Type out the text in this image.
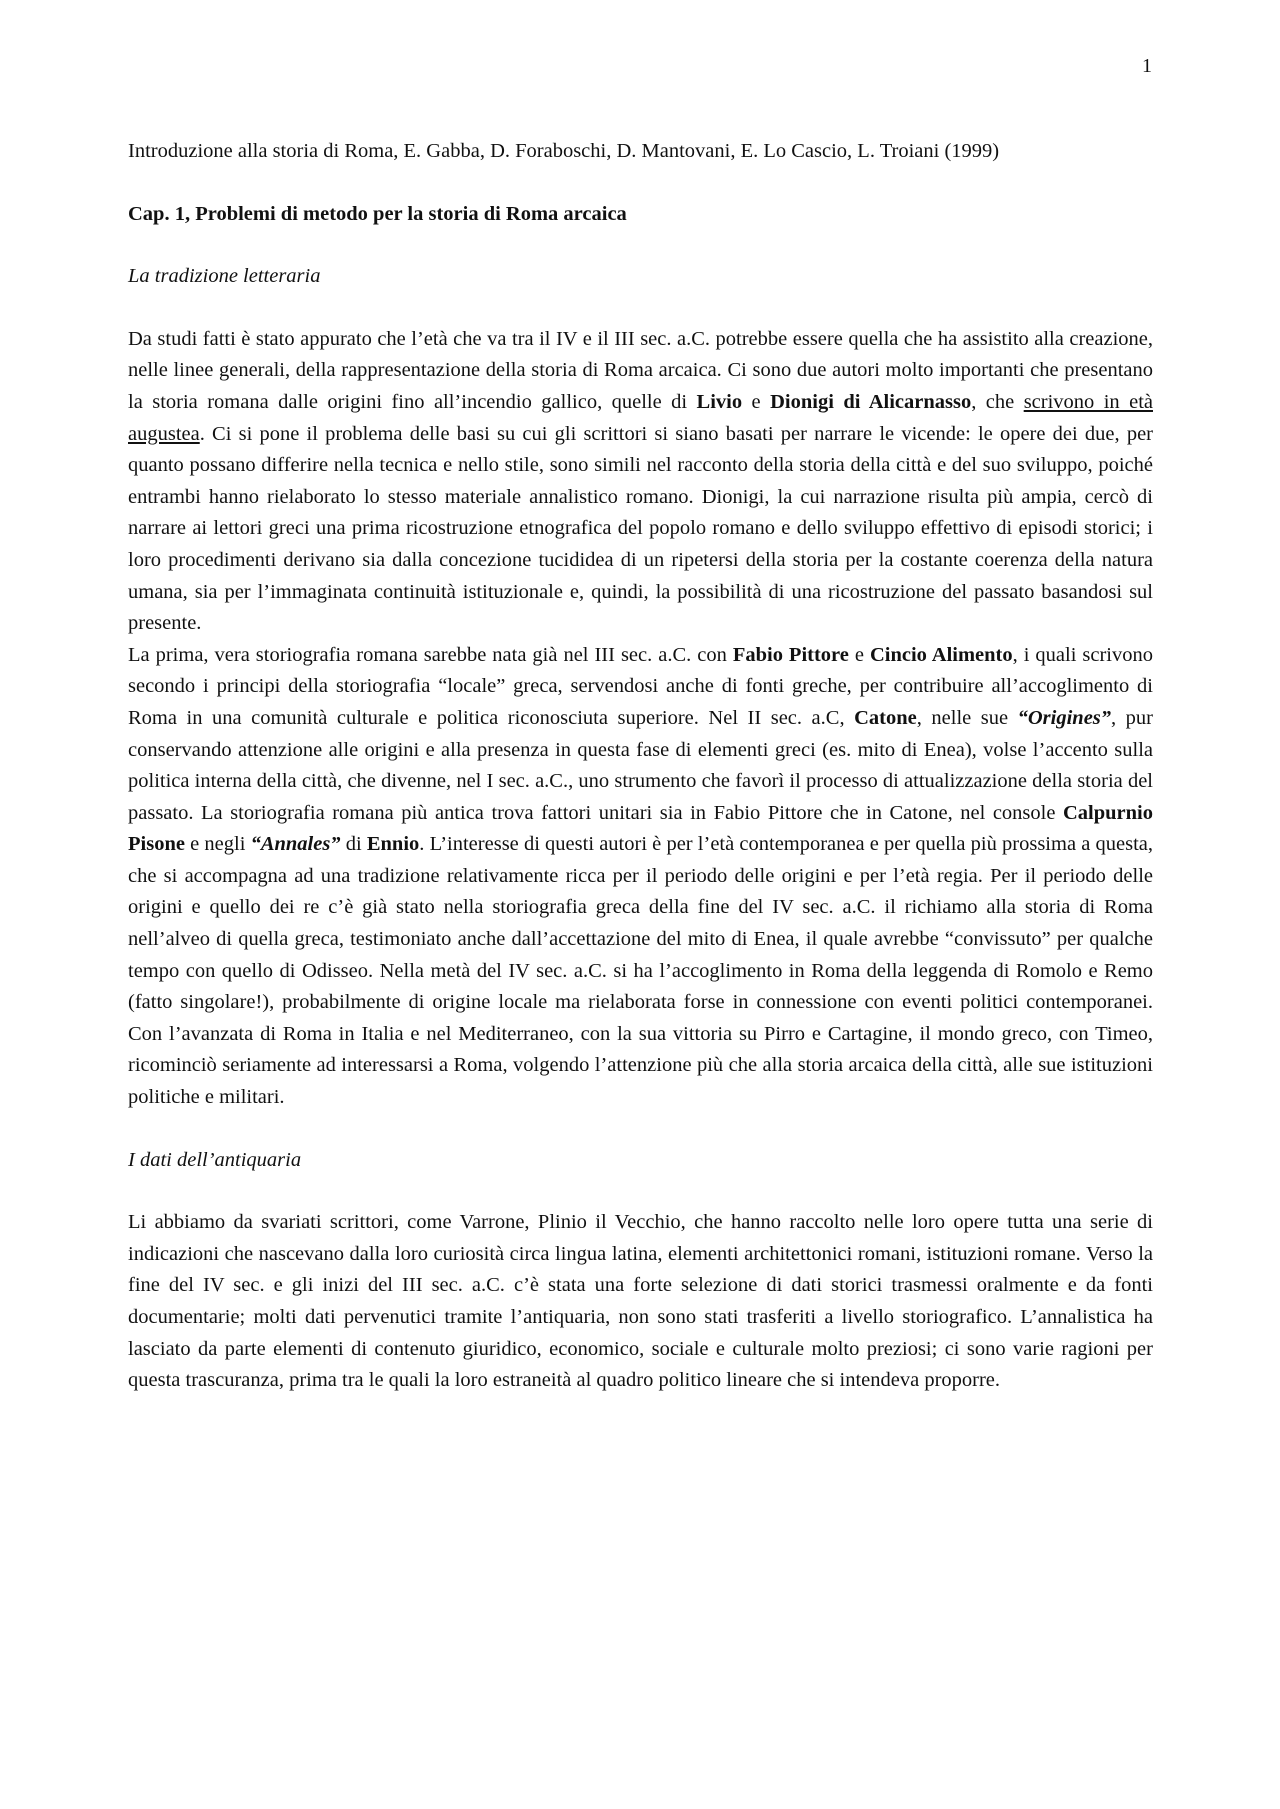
1

Introduzione alla storia di Roma, E. Gabba, D. Foraboschi, D. Mantovani, E. Lo Cascio, L. Troiani (1999)

Cap. 1, Problemi di metodo per la storia di Roma arcaica

La tradizione letteraria

Da studi fatti è stato appurato che l’età che va tra il IV e il III sec. a.C. potrebbe essere quella che ha assistito alla creazione, nelle linee generali, della rappresentazione della storia di Roma arcaica. Ci sono due autori molto importanti che presentano la storia romana dalle origini fino all’incendio gallico, quelle di Livio e Dionigi di Alicarnasso, che scrivono in età augustea. Ci si pone il problema delle basi su cui gli scrittori si siano basati per narrare le vicende: le opere dei due, per quanto possano differire nella tecnica e nello stile, sono simili nel racconto della storia della città e del suo sviluppo, poiché entrambi hanno rielaborato lo stesso materiale annalistico romano. Dionigi, la cui narrazione risulta più ampia, cercò di narrare ai lettori greci una prima ricostruzione etnografica del popolo romano e dello sviluppo effettivo di episodi storici; i loro procedimenti derivano sia dalla concezione tucididea di un ripetersi della storia per la costante coerenza della natura umana, sia per l’immaginata continuità istituzionale e, quindi, la possibilità di una ricostruzione del passato basandosi sul presente.

La prima, vera storiografia romana sarebbe nata già nel III sec. a.C. con Fabio Pittore e Cincio Alimento, i quali scrivono secondo i principi della storiografia “locale” greca, servendosi anche di fonti greche, per contribuire all’accoglimento di Roma in una comunità culturale e politica riconosciuta superiore. Nel II sec. a.C, Catone, nelle sue “Origines”, pur conservando attenzione alle origini e alla presenza in questa fase di elementi greci (es. mito di Enea), volse l’accento sulla politica interna della città, che divenne, nel I sec. a.C., uno strumento che favorì il processo di attualizzazione della storia del passato. La storiografia romana più antica trova fattori unitari sia in Fabio Pittore che in Catone, nel console Calpurnio Pisone e negli “Annales” di Ennio. L’interesse di questi autori è per l’età contemporanea e per quella più prossima a questa, che si accompagna ad una tradizione relativamente ricca per il periodo delle origini e per l’età regia. Per il periodo delle origini e quello dei re c’è già stato nella storiografia greca della fine del IV sec. a.C. il richiamo alla storia di Roma nell’alveo di quella greca, testimoniato anche dall’accettazione del mito di Enea, il quale avrebbe “convissuto” per qualche tempo con quello di Odisseo. Nella metà del IV sec. a.C. si ha l’accoglimento in Roma della leggenda di Romolo e Remo (fatto singolare!), probabilmente di origine locale ma rielaborata forse in connessione con eventi politici contemporanei. Con l’avanzata di Roma in Italia e nel Mediterraneo, con la sua vittoria su Pirro e Cartagine, il mondo greco, con Timeo, ricominciò seriamente ad interessarsi a Roma, volgendo l’attenzione più che alla storia arcaica della città, alle sue istituzioni politiche e militari.

I dati dell’antiquaria

Li abbiamo da svariati scrittori, come Varrone, Plinio il Vecchio, che hanno raccolto nelle loro opere tutta una serie di indicazioni che nascevano dalla loro curiosità circa lingua latina, elementi architettonici romani, istituzioni romane. Verso la fine del IV sec. e gli inizi del III sec. a.C. c’è stata una forte selezione di dati storici trasmessi oralmente e da fonti documentarie; molti dati pervenutici tramite l’antiquaria, non sono stati trasferiti a livello storiografico. L’annalistica ha lasciato da parte elementi di contenuto giuridico, economico, sociale e culturale molto preziosi; ci sono varie ragioni per questa trascuranza, prima tra le quali la loro estraneità al quadro politico lineare che si intendeva proporre.
